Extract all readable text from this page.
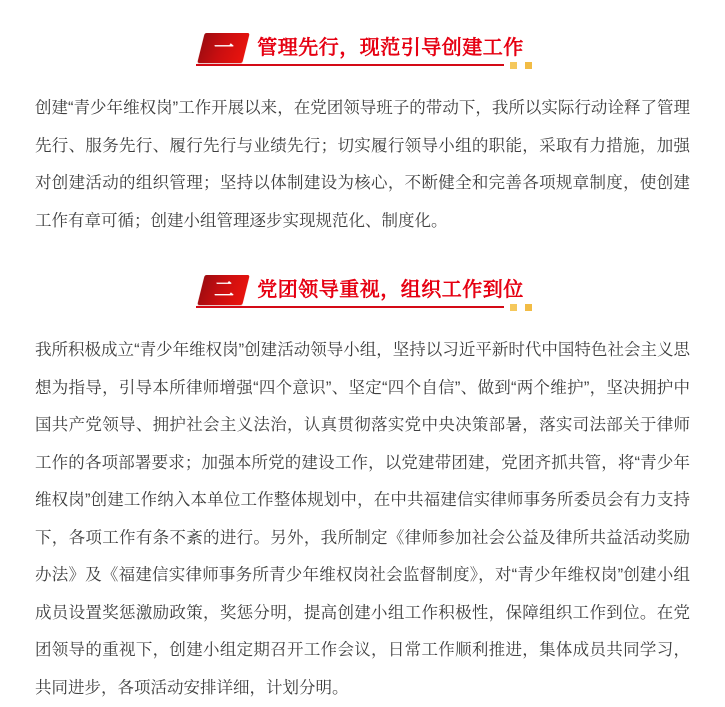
一 管理先行，现范引导创建工作

创建“青少年维权岗”工作开展以来，在党团领导班子的带动下，我所以实际行动诠释了管理先行、服务先行、履行先行与业绩先行；切实履行领导小组的职能，采取有力措施，加强对创建活动的组织管理；坚持以体制建设为核心，不断健全和完善各项规章制度，使创建工作有章可循；创建小组管理逐步实现规范化、制度化。

二 党团领导重视，组织工作到位

我所积极成立“青少年维权岗”创建活动领导小组，坚持以习近平新时代中国特色社会主义思想为指导，引导本所律师增强“四个意识”、坚定“四个自信”、做到“两个维护”，坚决拥护中国共产党领导、拥护社会主义法治，认真贯彻落实党中央决策部暑，落实司法部关于律师工作的各项部署要求；加强本所党的建设工作，以党建带团建，党团齐抓共管，将“青少年维权岗”创建工作纳入本单位工作整体规划中，在中共福建信实律师事务所委员会有力支持下，各项工作有条不紊的进行。另外，我所制定《律师参加社会公益及律所共益活动奖励办法》及《福建信实律师事务所青少年维权岗社会监督制度》，对“青少年维权岗”创建小组成员设置奖惩激励政策，奖惩分明，提高创建小组工作积极性，保障组织工作到位。在党团领导的重视下，创建小组定期召开工作会议，日常工作顺利推进，集体成员共同学习，共同进步，各项活动安排详细，计划分明。
